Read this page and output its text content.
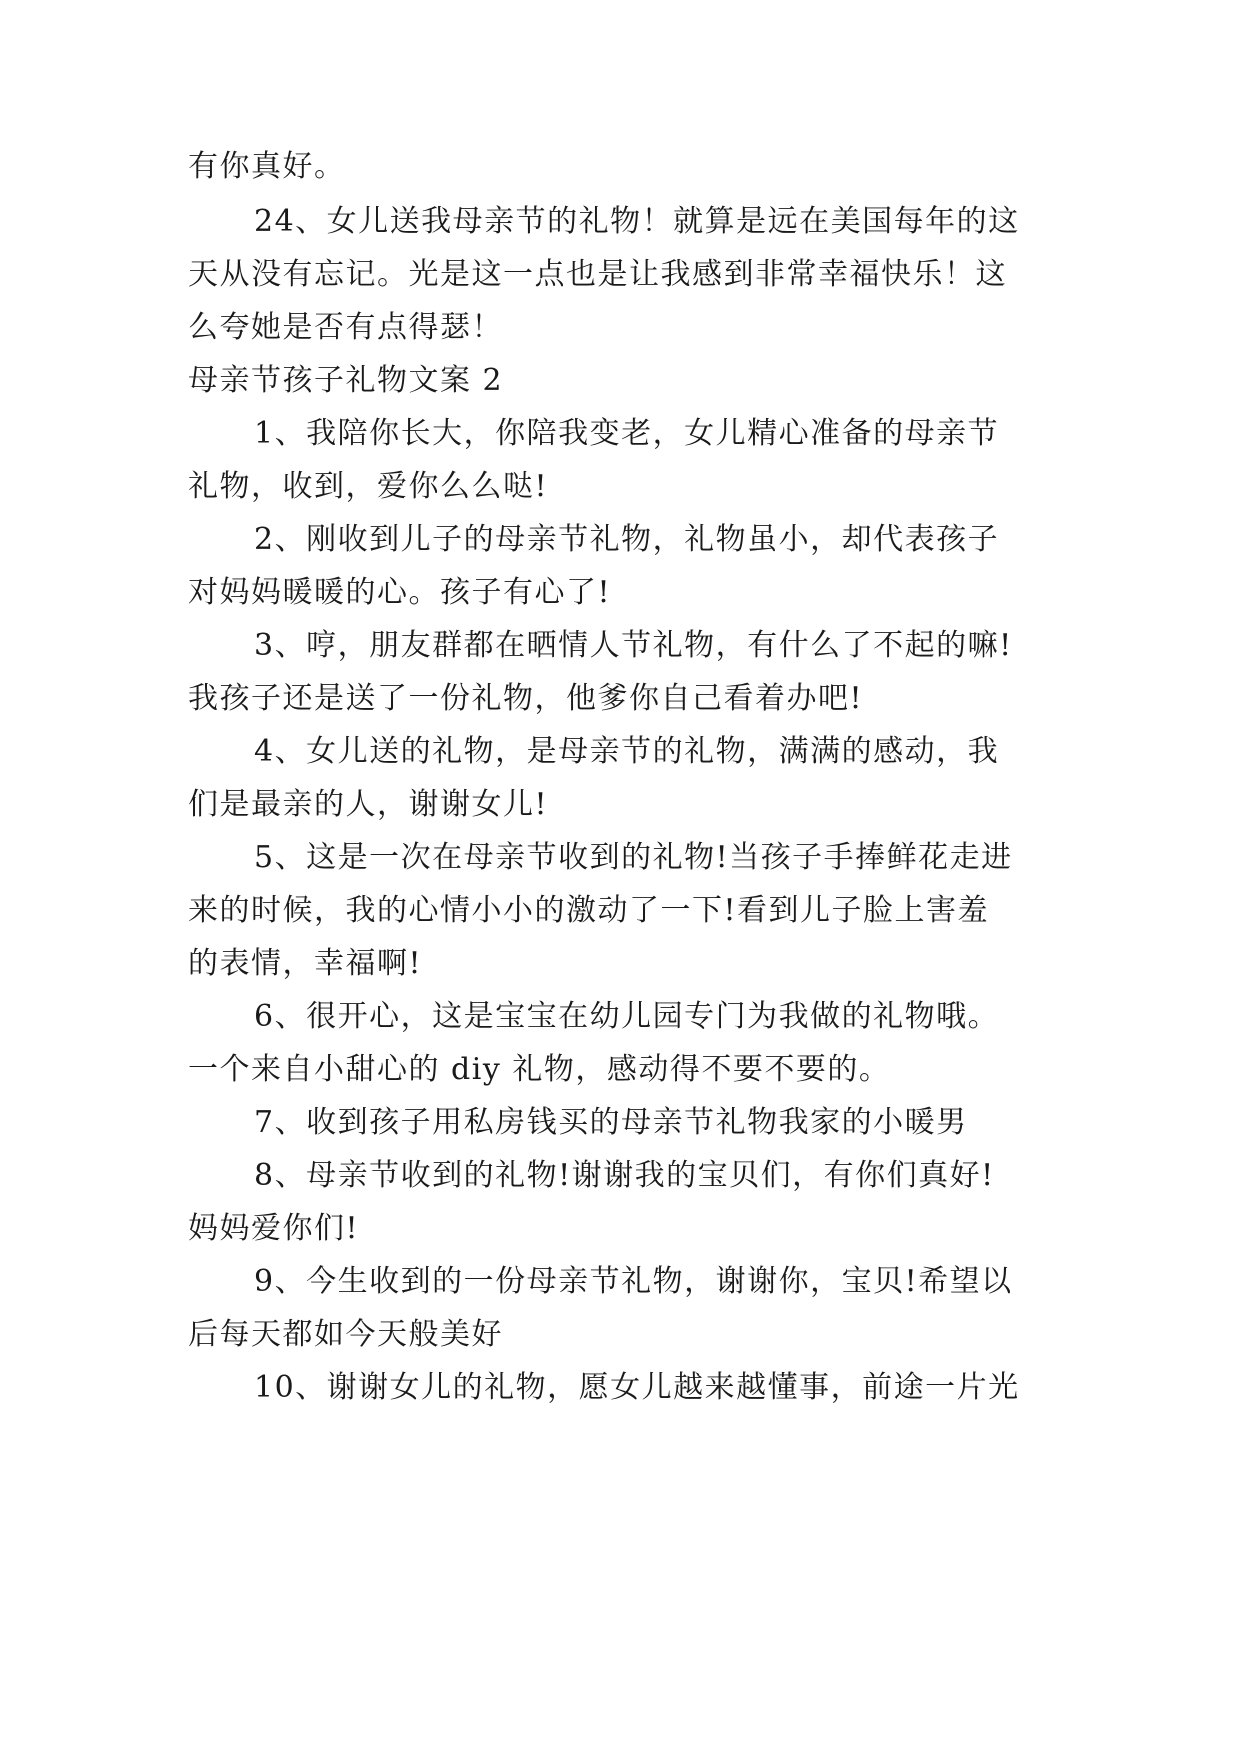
有你真好。
24、女儿送我母亲节的礼物！就算是远在美国每年的这
天从没有忘记。光是这一点也是让我感到非常幸福快乐！这
么夸她是否有点得瑟！
母亲节孩子礼物文案 2
1、我陪你长大，你陪我变老，女儿精心准备的母亲节
礼物，收到，爱你么么哒!
2、刚收到儿子的母亲节礼物，礼物虽小，却代表孩子
对妈妈暖暖的心。孩子有心了!
3、哼，朋友群都在晒情人节礼物，有什么了不起的嘛!
我孩子还是送了一份礼物，他爹你自己看着办吧!
4、女儿送的礼物，是母亲节的礼物，满满的感动，我
们是最亲的人，谢谢女儿!
5、这是一次在母亲节收到的礼物!当孩子手捧鲜花走进
来的时候，我的心情小小的激动了一下!看到儿子脸上害羞
的表情，幸福啊!
6、很开心，这是宝宝在幼儿园专门为我做的礼物哦。
一个来自小甜心的 diy 礼物，感动得不要不要的。
7、收到孩子用私房钱买的母亲节礼物我家的小暖男
8、母亲节收到的礼物!谢谢我的宝贝们，有你们真好!
妈妈爱你们!
9、今生收到的一份母亲节礼物，谢谢你，宝贝!希望以
后每天都如今天般美好
10、谢谢女儿的礼物，愿女儿越来越懂事，前途一片光
